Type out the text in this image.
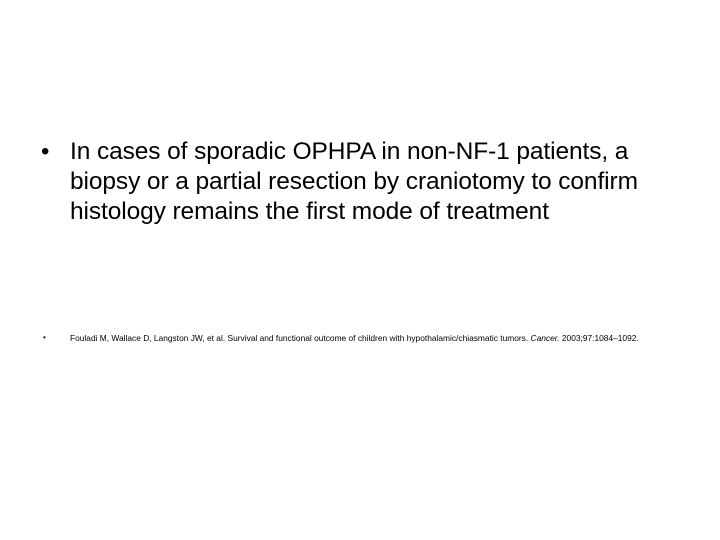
• In cases of sporadic OPHPA in non-NF-1 patients, a biopsy or a partial resection by craniotomy to confirm histology remains the first mode of treatment
•	Fouladi M, Wallace D, Langston JW, et al. Survival and functional outcome of children with hypothalamic/chiasmatic tumors. Cancer. 2003;97:1084–1092.
